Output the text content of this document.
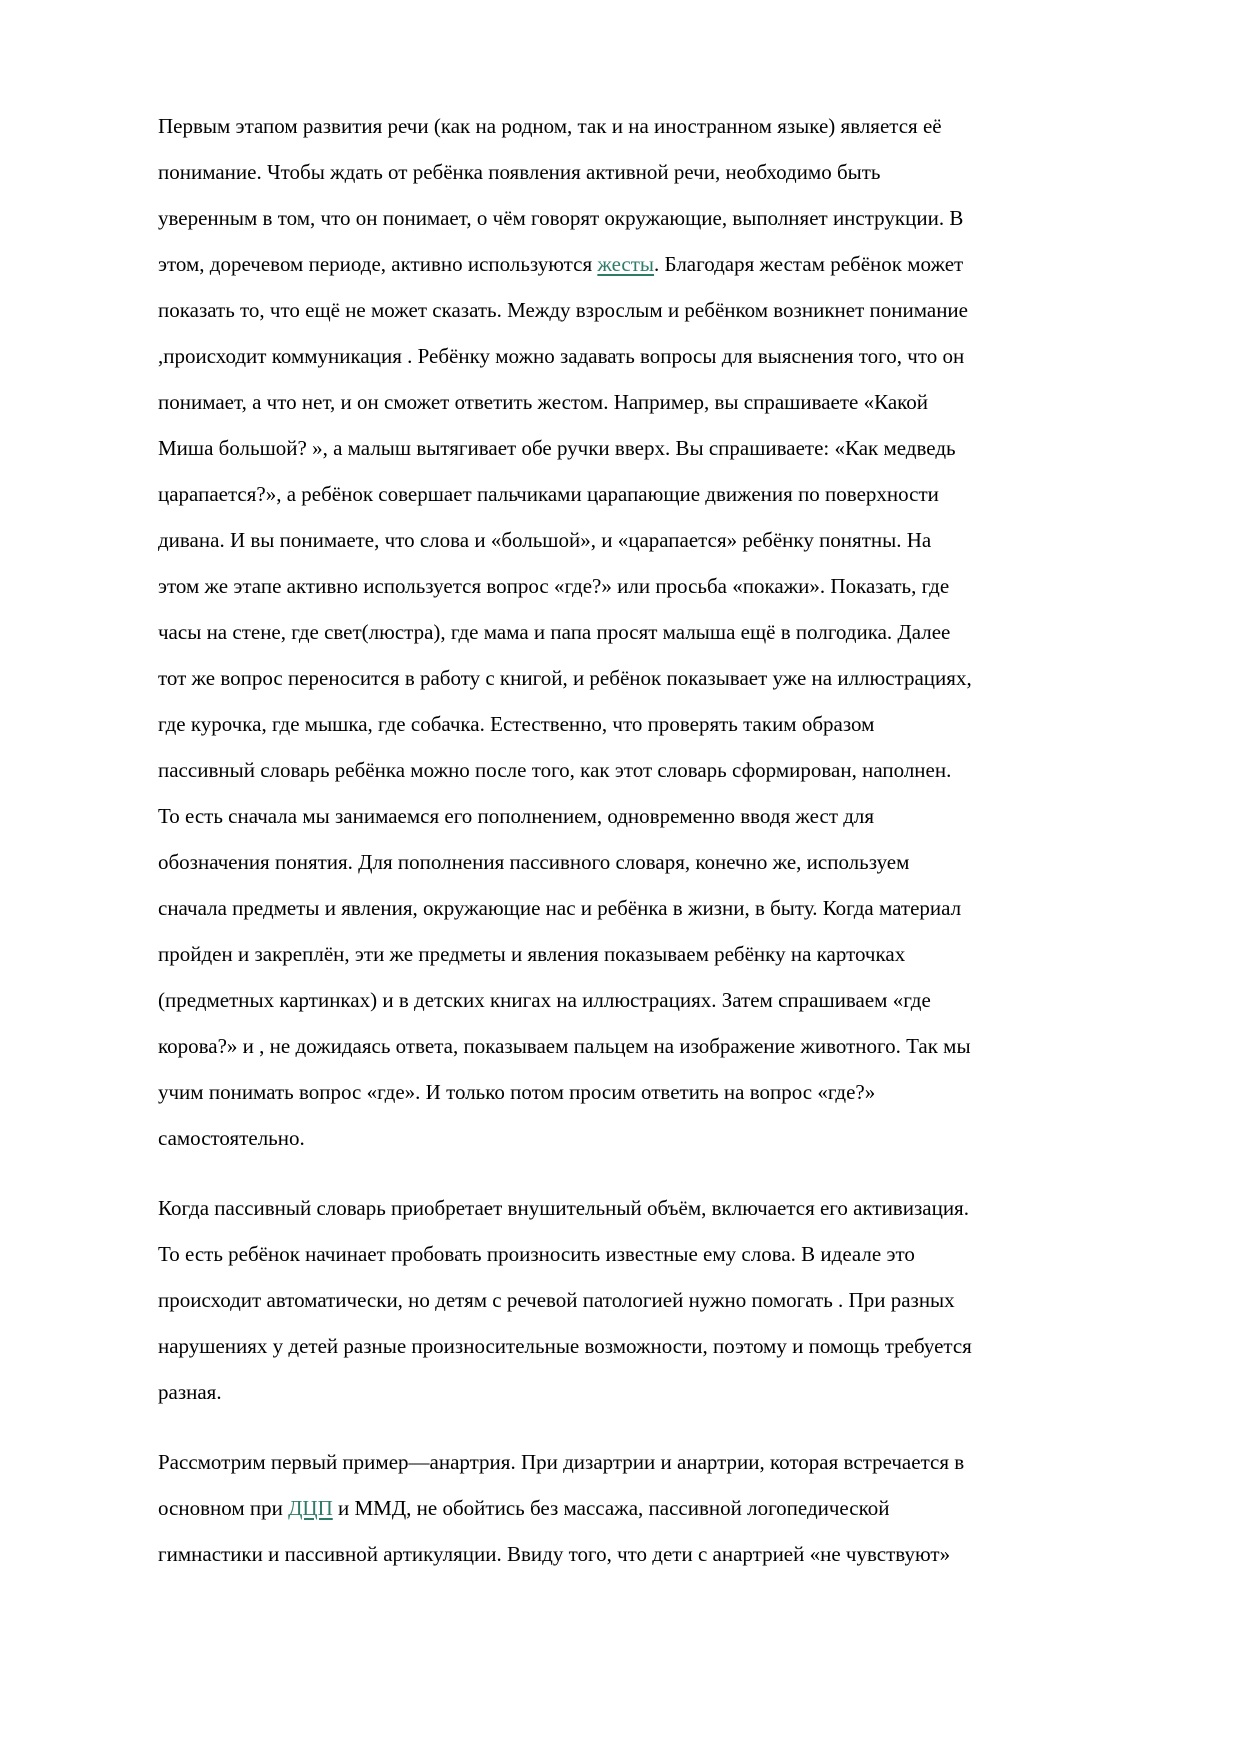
Первым этапом развития речи (как на родном, так и на иностранном языке) является её
понимание. Чтобы ждать от ребёнка появления активной речи, необходимо быть
уверенным в том, что он понимает, о чём говорят окружающие, выполняет инструкции. В
этом, доречевом периоде, активно используются жесты. Благодаря жестам ребёнок может
показать то, что ещё не может сказать. Между взрослым и ребёнком возникнет понимание
,происходит коммуникация . Ребёнку можно задавать вопросы для выяснения того, что он
понимает, а что нет, и он сможет ответить жестом. Например, вы спрашиваете «Какой
Миша большой? », а малыш вытягивает обе ручки вверх. Вы спрашиваете: «Как медведь
царапается?», а ребёнок совершает пальчиками царапающие движения по поверхности
дивана. И вы понимаете, что слова и «большой», и «царапается» ребёнку понятны. На
этом же этапе активно используется вопрос «где?» или просьба «покажи». Показать, где
часы на стене, где свет(люстра), где мама и папа просят малыша ещё в полгодика. Далее
тот же вопрос переносится в работу с книгой, и ребёнок показывает уже на иллюстрациях,
где курочка, где мышка, где собачка. Естественно, что проверять таким образом
пассивный словарь ребёнка можно после того, как этот словарь сформирован, наполнен.
То есть сначала мы занимаемся его пополнением, одновременно вводя жест для
обозначения понятия. Для пополнения пассивного словаря, конечно же, используем
сначала предметы и явления, окружающие нас и ребёнка в жизни, в быту. Когда материал
пройден и закреплён, эти же предметы и явления показываем ребёнку на карточках
(предметных картинках) и в детских книгах на иллюстрациях. Затем спрашиваем «где
корова?» и , не дожидаясь ответа, показываем пальцем на изображение животного. Так мы
учим понимать вопрос «где». И только потом просим ответить на вопрос «где?»
самостоятельно.

Когда пассивный словарь приобретает внушительный объём, включается его активизация.
То есть ребёнок начинает пробовать произносить известные ему слова. В идеале это
происходит автоматически, но детям с речевой патологией нужно помогать . При разных
нарушениях у детей разные произносительные возможности, поэтому и помощь требуется
разная.

Рассмотрим первый пример—анартрия. При дизартрии и анартрии, которая встречается в
основном при ДЦП и ММД, не обойтись без массажа, пассивной логопедической
гимнастики и пассивной артикуляции. Ввиду того, что дети с анартрией «не чувствуют»
